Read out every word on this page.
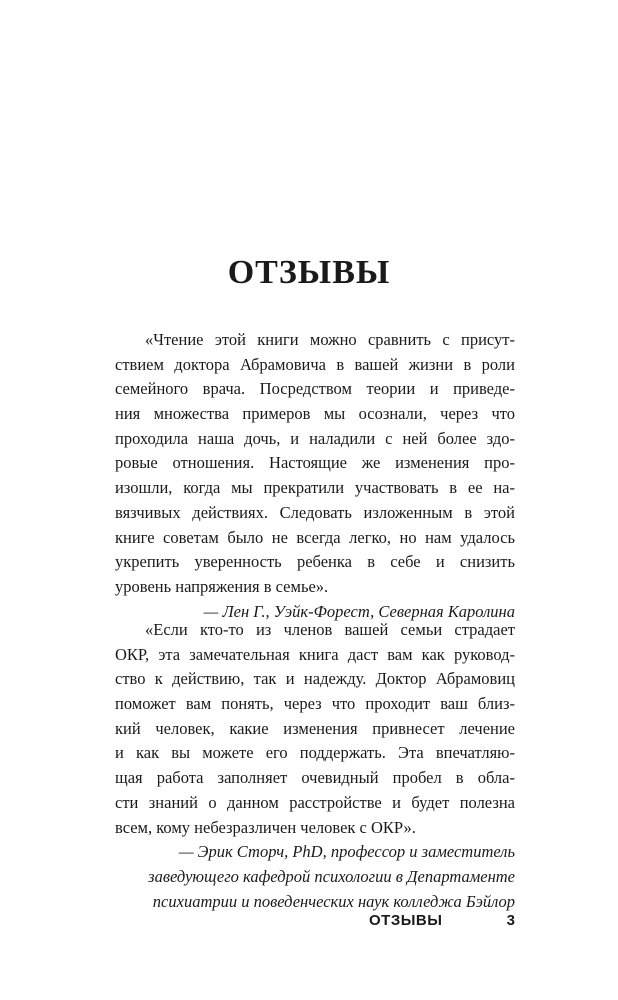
ОТЗЫВЫ
«Чтение этой книги можно сравнить с присут-
ствием доктора Абрамовича в вашей жизни в роли
семейного врача. Посредством теории и приведе-
ния множества примеров мы осознали, через что
проходила наша дочь, и наладили с ней более здо-
ровые отношения. Настоящие же изменения про-
изошли, когда мы прекратили участвовать в ее на-
вязчивых действиях. Следовать изложенным в этой
книге советам было не всегда легко, но нам удалось
укрепить уверенность ребенка в себе и снизить
уровень напряжения в семье».
— Лен Г., Уэйк-Форест, Северная Каролина
«Если кто-то из членов вашей семьи страдает
ОКР, эта замечательная книга даст вам как руковод-
ство к действию, так и надежду. Доктор Абрамовиц
поможет вам понять, через что проходит ваш близ-
кий человек, какие изменения привнесет лечение
и как вы можете его поддержать. Эта впечатляю-
щая работа заполняет очевидный пробел в обла-
сти знаний о данном расстройстве и будет полезна
всем, кому небезразличен человек с ОКР».
— Эрик Сторч, PhD, профессор и заместитель
заведующего кафедрой психологии в Департаменте
психиатрии и поведенческих наук колледжа Бэйлор
ОТЗЫВЫ	3
